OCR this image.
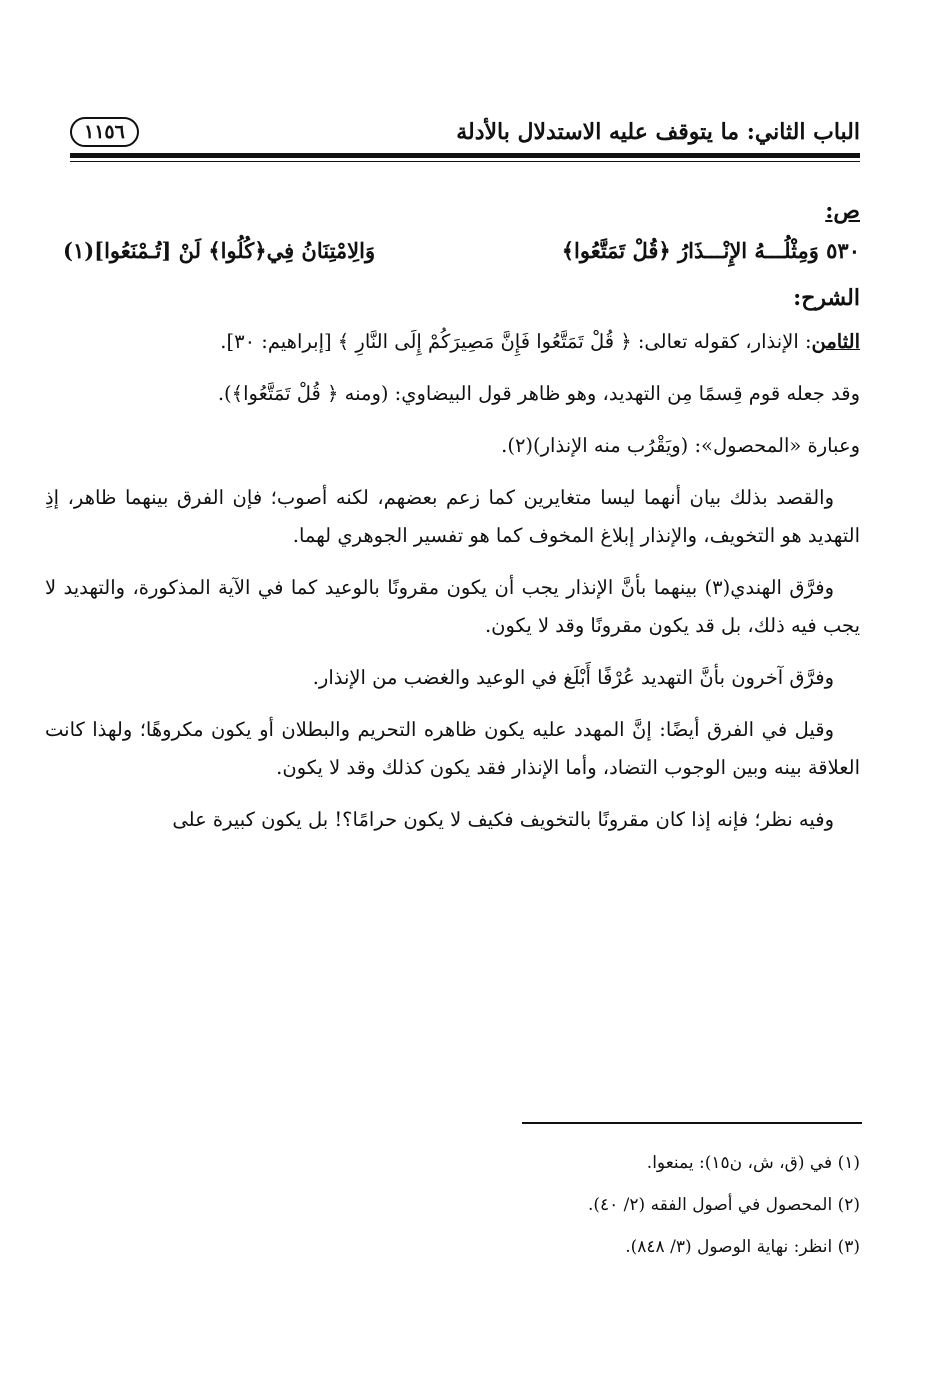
الباب الثاني: ما يتوقف عليه الاستدلال بالأدلة
١١٥٦
ص:
٥٣٠ وَمِثْلُـــهُ الإِنْـــذَارُ ﴿قُلْ تَمَتَّعُوا﴾
وَالِامْتِنَانُ فِي﴿كُلُوا﴾ لَنْ [تُـمْنَعُوا](١)
الشرح:

الثامن: الإنذار، كقوله تعالى: ﴿ قُلْ تَمَتَّعُوا فَإِنَّ مَصِيرَكُمْ إِلَى النَّارِ ﴾ [إبراهيم: ٣٠].

وقد جعله قوم قِسمًا مِن التهديد، وهو ظاهر قول البيضاوي: (ومنه ﴿ قُلْ تَمَتَّعُوا﴾).

وعبارة «المحصول»: (ويَقْرُب منه الإنذار)(٢).

والقصد بذلك بيان أنهما ليسا متغايرين كما زعم بعضهم، لكنه أصوب؛ فإن الفرق بينهما ظاهر، إذِ التهديد هو التخويف، والإنذار إبلاغ المخوف كما هو تفسير الجوهري لهما.

وفرَّق الهندي(٣) بينهما بأنَّ الإنذار يجب أن يكون مقرونًا بالوعيد كما في الآية المذكورة، والتهديد لا يجب فيه ذلك، بل قد يكون مقرونًا وقد لا يكون.

وفرَّق آخرون بأنَّ التهديد عُرْفًا أَبْلَغ في الوعيد والغضب من الإنذار.

وقيل في الفرق أيضًا: إنَّ المهدد عليه يكون ظاهره التحريم والبطلان أو يكون مكروهًا؛ ولهذا كانت العلاقة بينه وبين الوجوب التضاد، وأما الإنذار فقد يكون كذلك وقد لا يكون.

وفيه نظر؛ فإنه إذا كان مقرونًا بالتخويف فكيف لا يكون حرامًا؟! بل يكون كبيرة على

(١) في (ق، ش، ن١٥): يمنعوا.
(٢) المحصول في أصول الفقه (٢/ ٤٠).
(٣) انظر: نهاية الوصول (٣/ ٨٤٨).
